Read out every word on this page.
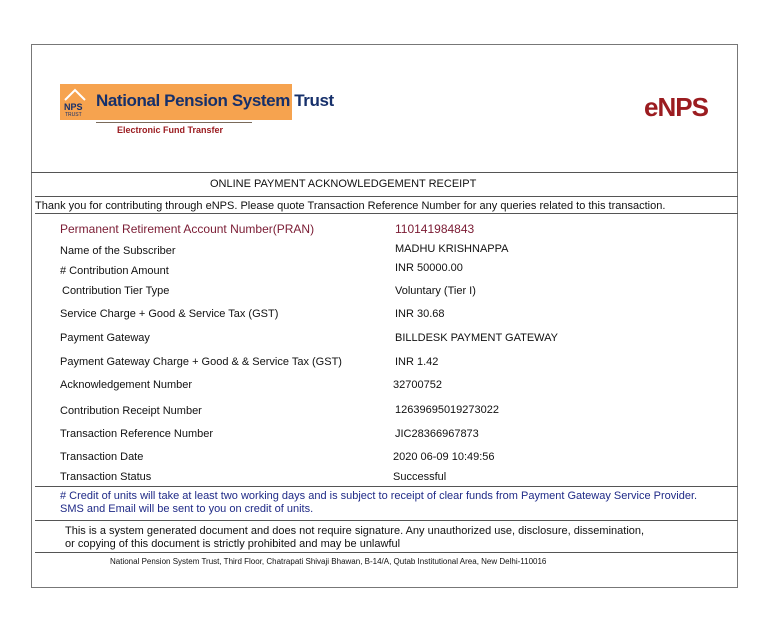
NPS
TRUST
National Pension System Trust
Electronic Fund Transfer
eNPS
ONLINE PAYMENT ACKNOWLEDGEMENT RECEIPT
Thank you for contributing through eNPS. Please quote Transaction Reference Number for any queries related to this transaction.
Permanent Retirement Account Number(PRAN)	110141984843
Name of the Subscriber	MADHU KRISHNAPPA
# Contribution Amount	INR 50000.00
Contribution Tier Type	Voluntary (Tier I)
Service Charge + Good & Service Tax (GST)	INR 30.68
Payment Gateway	BILLDESK PAYMENT GATEWAY
Payment Gateway Charge + Good & & Service Tax (GST)	INR 1.42
Acknowledgement Number	32700752
Contribution Receipt Number	12639695019273022
Transaction Reference Number	JIC28366967873
Transaction Date	2020 06-09 10:49:56
Transaction Status	Successful
# Credit of units will take at least two working days and is subject to receipt of clear funds from Payment Gateway Service Provider.
SMS and Email will be sent to you on credit of units.
This is a system generated document and does not require signature. Any unauthorized use, disclosure, dissemination,
or copying of this document is strictly prohibited and may be unlawful
National Pension System Trust, Third Floor, Chatrapati Shivaji Bhawan, B-14/A, Qutab Institutional Area, New Delhi-110016
